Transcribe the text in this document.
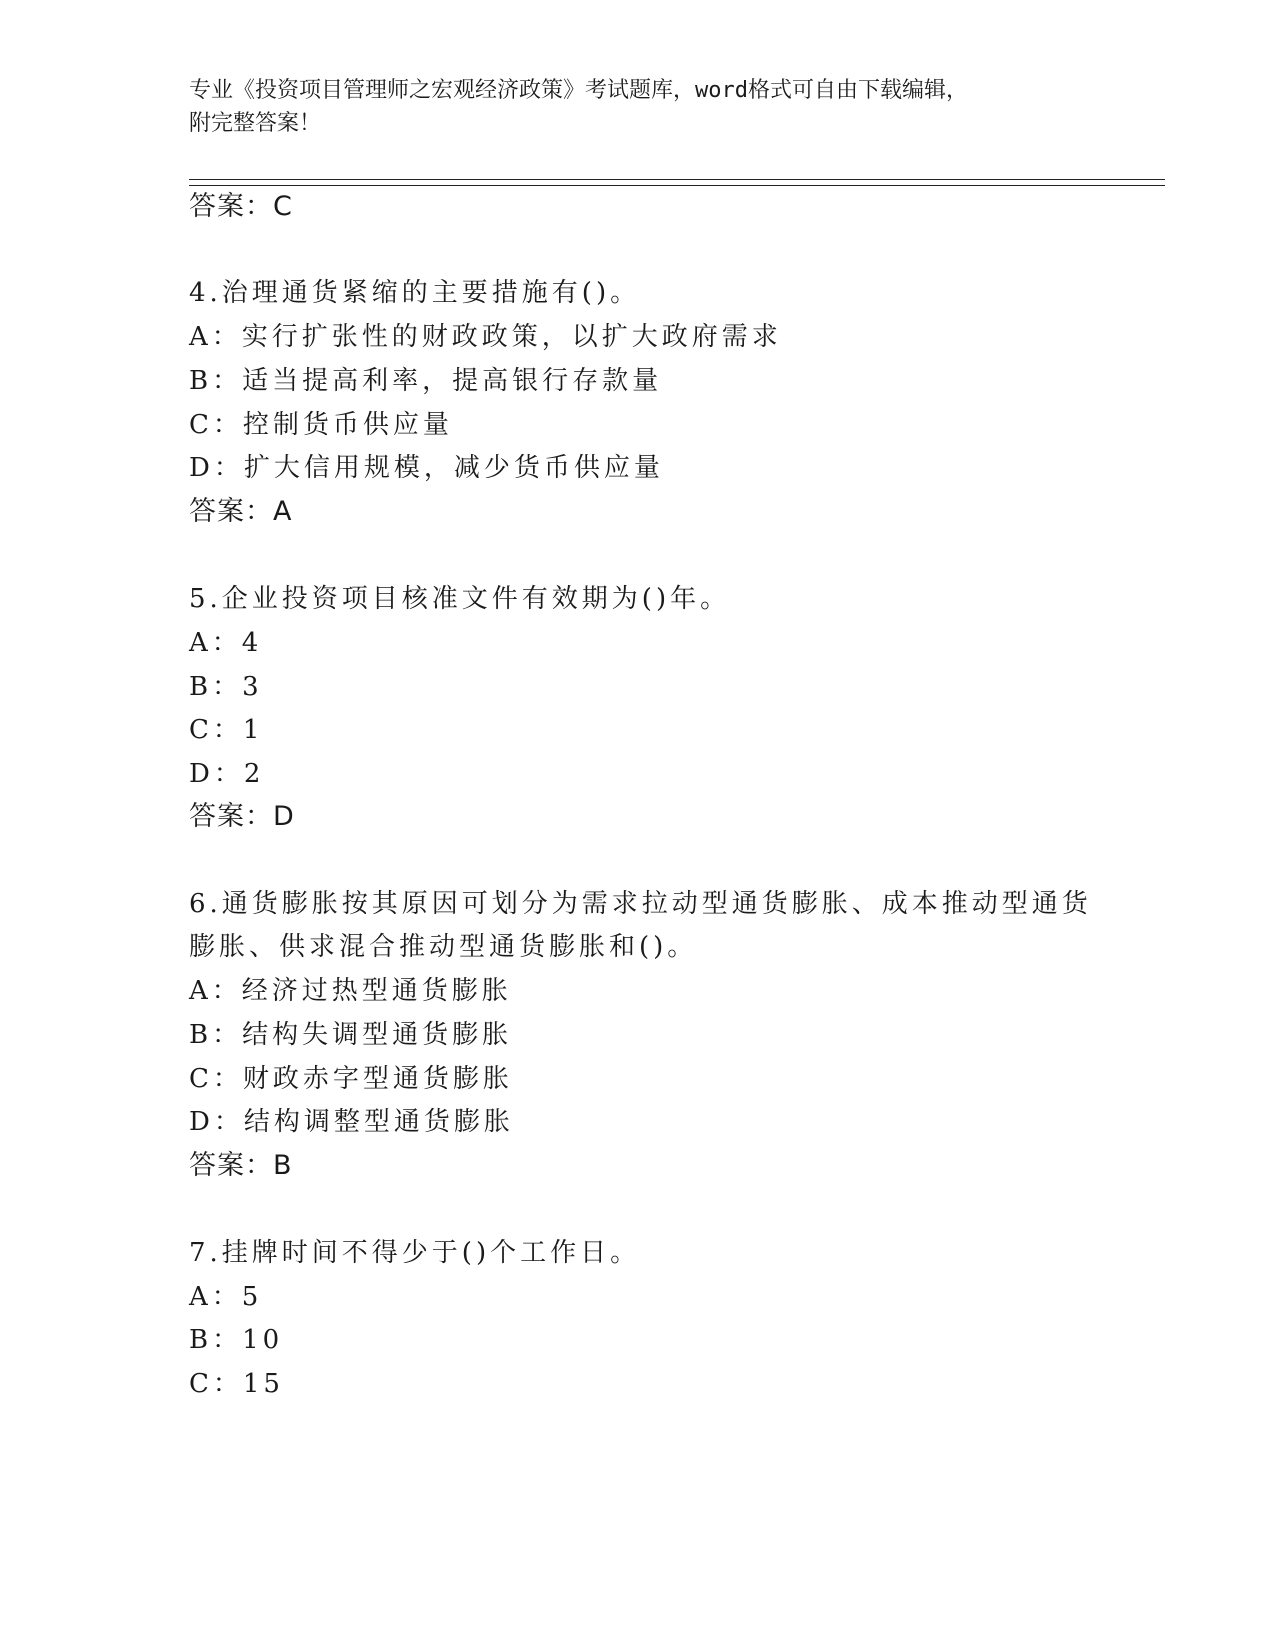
专业《投资项目管理师之宏观经济政策》考试题库，word格式可自由下载编辑，
附完整答案！
答案：C
4.治理通货紧缩的主要措施有()。
A：实行扩张性的财政政策，以扩大政府需求
B：适当提高利率，提高银行存款量
C：控制货币供应量
D：扩大信用规模，减少货币供应量
答案：A
5.企业投资项目核准文件有效期为()年。
A：4
B：3
C：1
D：2
答案：D
6.通货膨胀按其原因可划分为需求拉动型通货膨胀、成本推动型通货
膨胀、供求混合推动型通货膨胀和()。
A：经济过热型通货膨胀
B：结构失调型通货膨胀
C：财政赤字型通货膨胀
D：结构调整型通货膨胀
答案：B
7.挂牌时间不得少于()个工作日。
A：5
B：10
C：15
